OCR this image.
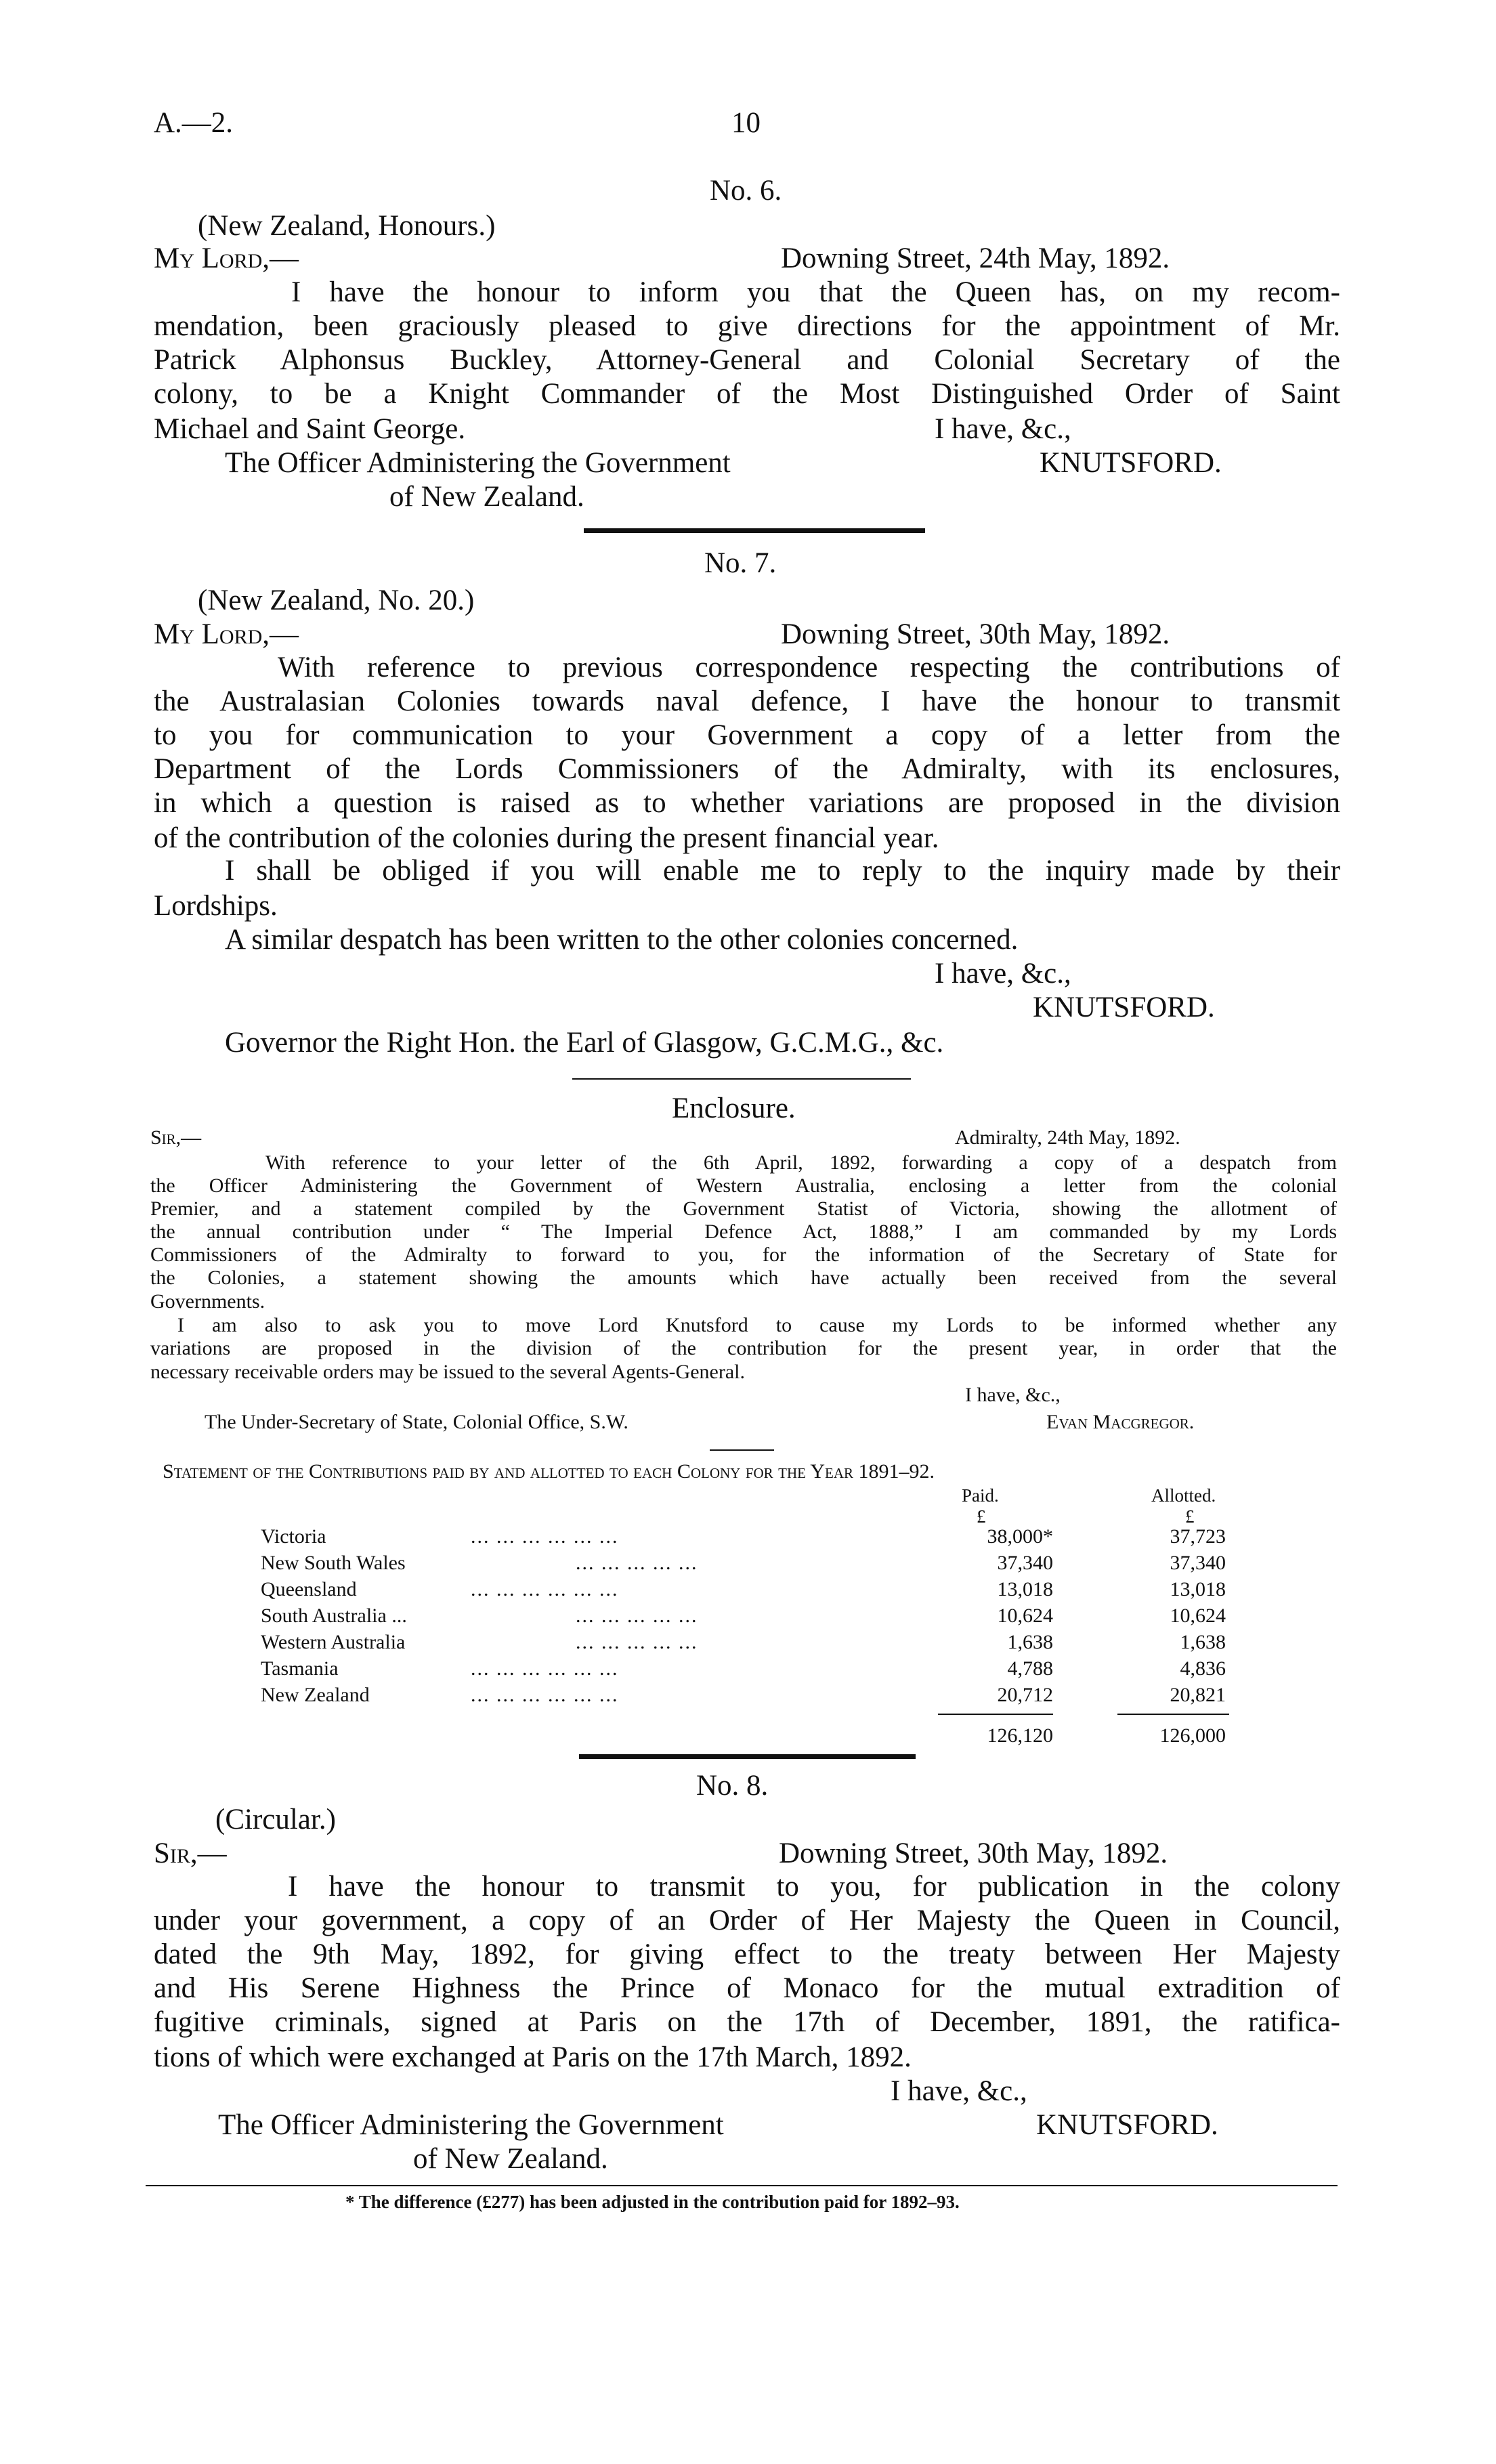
A.—2.	10
No. 6.
(New Zealand, Honours.)
My Lord,—	Downing Street, 24th May, 1892.
I have the honour to inform you that the Queen has, on my recom-
mendation, been graciously pleased to give directions for the appointment of Mr.
Patrick Alphonsus Buckley, Attorney-General and Colonial Secretary of the
colony, to be a Knight Commander of the Most Distinguished Order of Saint
Michael and Saint George.	I have, &c.,
The Officer Administering the Government	KNUTSFORD.
of New Zealand.
No. 7.
(New Zealand, No. 20.)
My Lord,—	Downing Street, 30th May, 1892.
With reference to previous correspondence respecting the contributions of
the Australasian Colonies towards naval defence, I have the honour to transmit
to you for communication to your Government a copy of a letter from the
Department of the Lords Commissioners of the Admiralty, with its enclosures,
in which a question is raised as to whether variations are proposed in the division
of the contribution of the colonies during the present financial year.
I shall be obliged if you will enable me to reply to the inquiry made by their
Lordships.
A similar despatch has been written to the other colonies concerned.
I have, &c.,
KNUTSFORD.
Governor the Right Hon. the Earl of Glasgow, G.C.M.G., &c.
Enclosure.
Sir,—	Admiralty, 24th May, 1892.
With reference to your letter of the 6th April, 1892, forwarding a copy of a despatch from
the Officer Administering the Government of Western Australia, enclosing a letter from the colonial
Premier, and a statement compiled by the Government Statist of Victoria, showing the allotment of
the annual contribution under “ The Imperial Defence Act, 1888,” I am commanded by my Lords
Commissioners of the Admiralty to forward to you, for the information of the Secretary of State for
the Colonies, a statement showing the amounts which have actually been received from the several
Governments.
I am also to ask you to move Lord Knutsford to cause my Lords to be informed whether any
variations are proposed in the division of the contribution for the present year, in order that the
necessary receivable orders may be issued to the several Agents-General.
I have, &c.,
The Under-Secretary of State, Colonial Office, S.W.	Evan Macgregor.
Statement of the Contributions paid by and allotted to each Colony for the Year 1891–92.
Paid.	Allotted.
£	£
Victoria	... ... ... ... ... ...	38,000*	37,723
New South Wales	... ... ... ... ...	37,340	37,340
Queensland	... ... ... ... ... ...	13,018	13,018
South Australia ...	... ... ... ... ...	10,624	10,624
Western Australia	... ... ... ... ...	1,638	1,638
Tasmania	... ... ... ... ... ...	4,788	4,836
New Zealand	... ... ... ... ... ...	20,712	20,821
126,120	126,000
No. 8.
(Circular.)
Sir,—	Downing Street, 30th May, 1892.
I have the honour to transmit to you, for publication in the colony
under your government, a copy of an Order of Her Majesty the Queen in Council,
dated the 9th May, 1892, for giving effect to the treaty between Her Majesty
and His Serene Highness the Prince of Monaco for the mutual extradition of
fugitive criminals, signed at Paris on the 17th of December, 1891, the ratifica-
tions of which were exchanged at Paris on the 17th March, 1892.
I have, &c.,
The Officer Administering the Government	KNUTSFORD.
of New Zealand.
* The difference (£277) has been adjusted in the contribution paid for 1892–93.
